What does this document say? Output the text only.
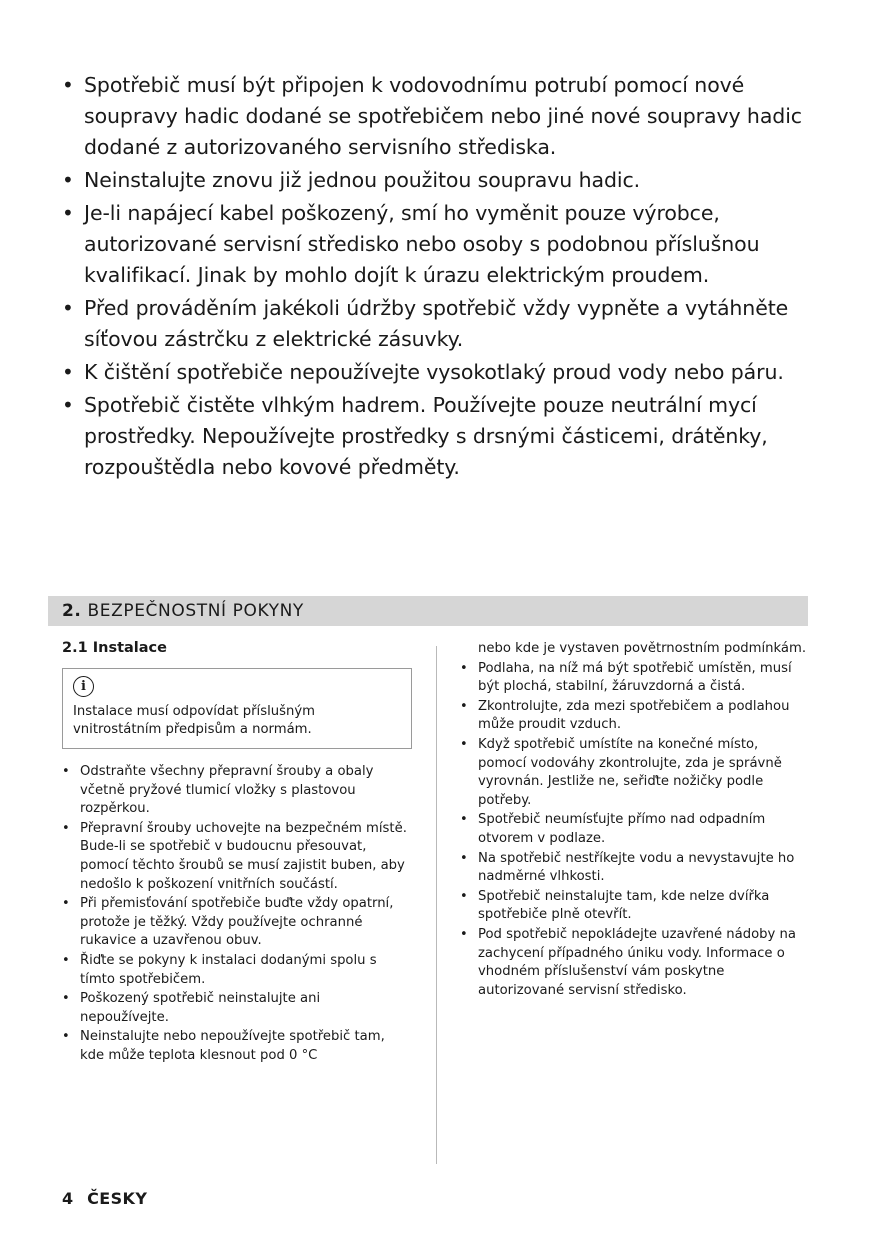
• Spotřebič musí být připojen k vodovodnímu potrubí pomocí nové soupravy hadic dodané se spotřebičem nebo jiné nové soupravy hadic dodané z autorizovaného servisního střediska.
• Neinstalujte znovu již jednou použitou soupravu hadic.
• Je-li napájecí kabel poškozený, smí ho vyměnit pouze výrobce, autorizované servisní středisko nebo osoby s podobnou příslušnou kvalifikací. Jinak by mohlo dojít k úrazu elektrickým proudem.
• Před prováděním jakékoli údržby spotřebič vždy vypněte a vytáhněte síťovou zástrčku z elektrické zásuvky.
• K čištění spotřebiče nepoužívejte vysokotlaký proud vody nebo páru.
• Spotřebič čistěte vlhkým hadrem. Používejte pouze neutrální mycí prostředky. Nepoužívejte prostředky s drsnými částicemi, drátěnky, rozpouštědla nebo kovové předměty.
2. BEZPEČNOSTNÍ POKYNY
2.1 Instalace
i
Instalace musí odpovídat příslušným vnitrostátním předpisům a normám.
• Odstraňte všechny přepravní šrouby a obaly včetně pryžové tlumicí vložky s plastovou rozpěrkou.
• Přepravní šrouby uchovejte na bezpečném místě. Bude-li se spotřebič v budoucnu přesouvat, pomocí těchto šroubů se musí zajistit buben, aby nedošlo k poškození vnitřních součástí.
• Při přemisťování spotřebiče buďte vždy opatrní, protože je těžký. Vždy používejte ochranné rukavice a uzavřenou obuv.
• Řiďte se pokyny k instalaci dodanými spolu s tímto spotřebičem.
• Poškozený spotřebič neinstalujte ani nepoužívejte.
• Neinstalujte nebo nepoužívejte spotřebič tam, kde může teplota klesnout pod 0 °C
nebo kde je vystaven povětrnostním podmínkám.
• Podlaha, na níž má být spotřebič umístěn, musí být plochá, stabilní, žáruvzdorná a čistá.
• Zkontrolujte, zda mezi spotřebičem a podlahou může proudit vzduch.
• Když spotřebič umístíte na konečné místo, pomocí vodováhy zkontrolujte, zda je správně vyrovnán. Jestliže ne, seřiďte nožičky podle potřeby.
• Spotřebič neumísťujte přímo nad odpadním otvorem v podlaze.
• Na spotřebič nestříkejte vodu a nevystavujte ho nadměrné vlhkosti.
• Spotřebič neinstalujte tam, kde nelze dvířka spotřebiče plně otevřít.
• Pod spotřebič nepokládejte uzavřené nádoby na zachycení případného úniku vody. Informace o vhodném příslušenství vám poskytne autorizované servisní středisko.
4 ČESKY
